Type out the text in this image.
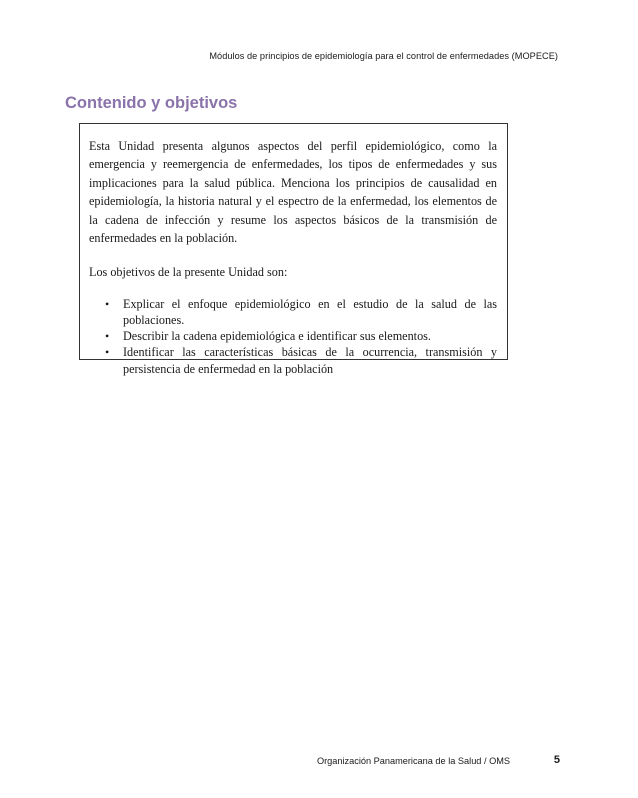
Módulos de principios de epidemiología para el control de enfermedades (MOPECE)
Contenido y objetivos

Esta Unidad presenta algunos aspectos del perfil epidemiológico, como la emergencia y reemergencia de enfermedades, los tipos de enfermedades y sus implicaciones para la salud pública. Menciona los principios de causalidad en epidemiología, la historia natural y el espectro de la enfermedad, los elementos de la cadena de infección y resume los aspectos básicos de la transmisión de enfermedades en la población.

Los objetivos de la presente Unidad son:

• Explicar el enfoque epidemiológico en el estudio de la salud de las poblaciones.
• Describir la cadena epidemiológica e identificar sus elementos.
• Identificar las características básicas de la ocurrencia, transmisión y persistencia de enfermedad en la población
Organización Panamericana de la Salud / OMS	5
